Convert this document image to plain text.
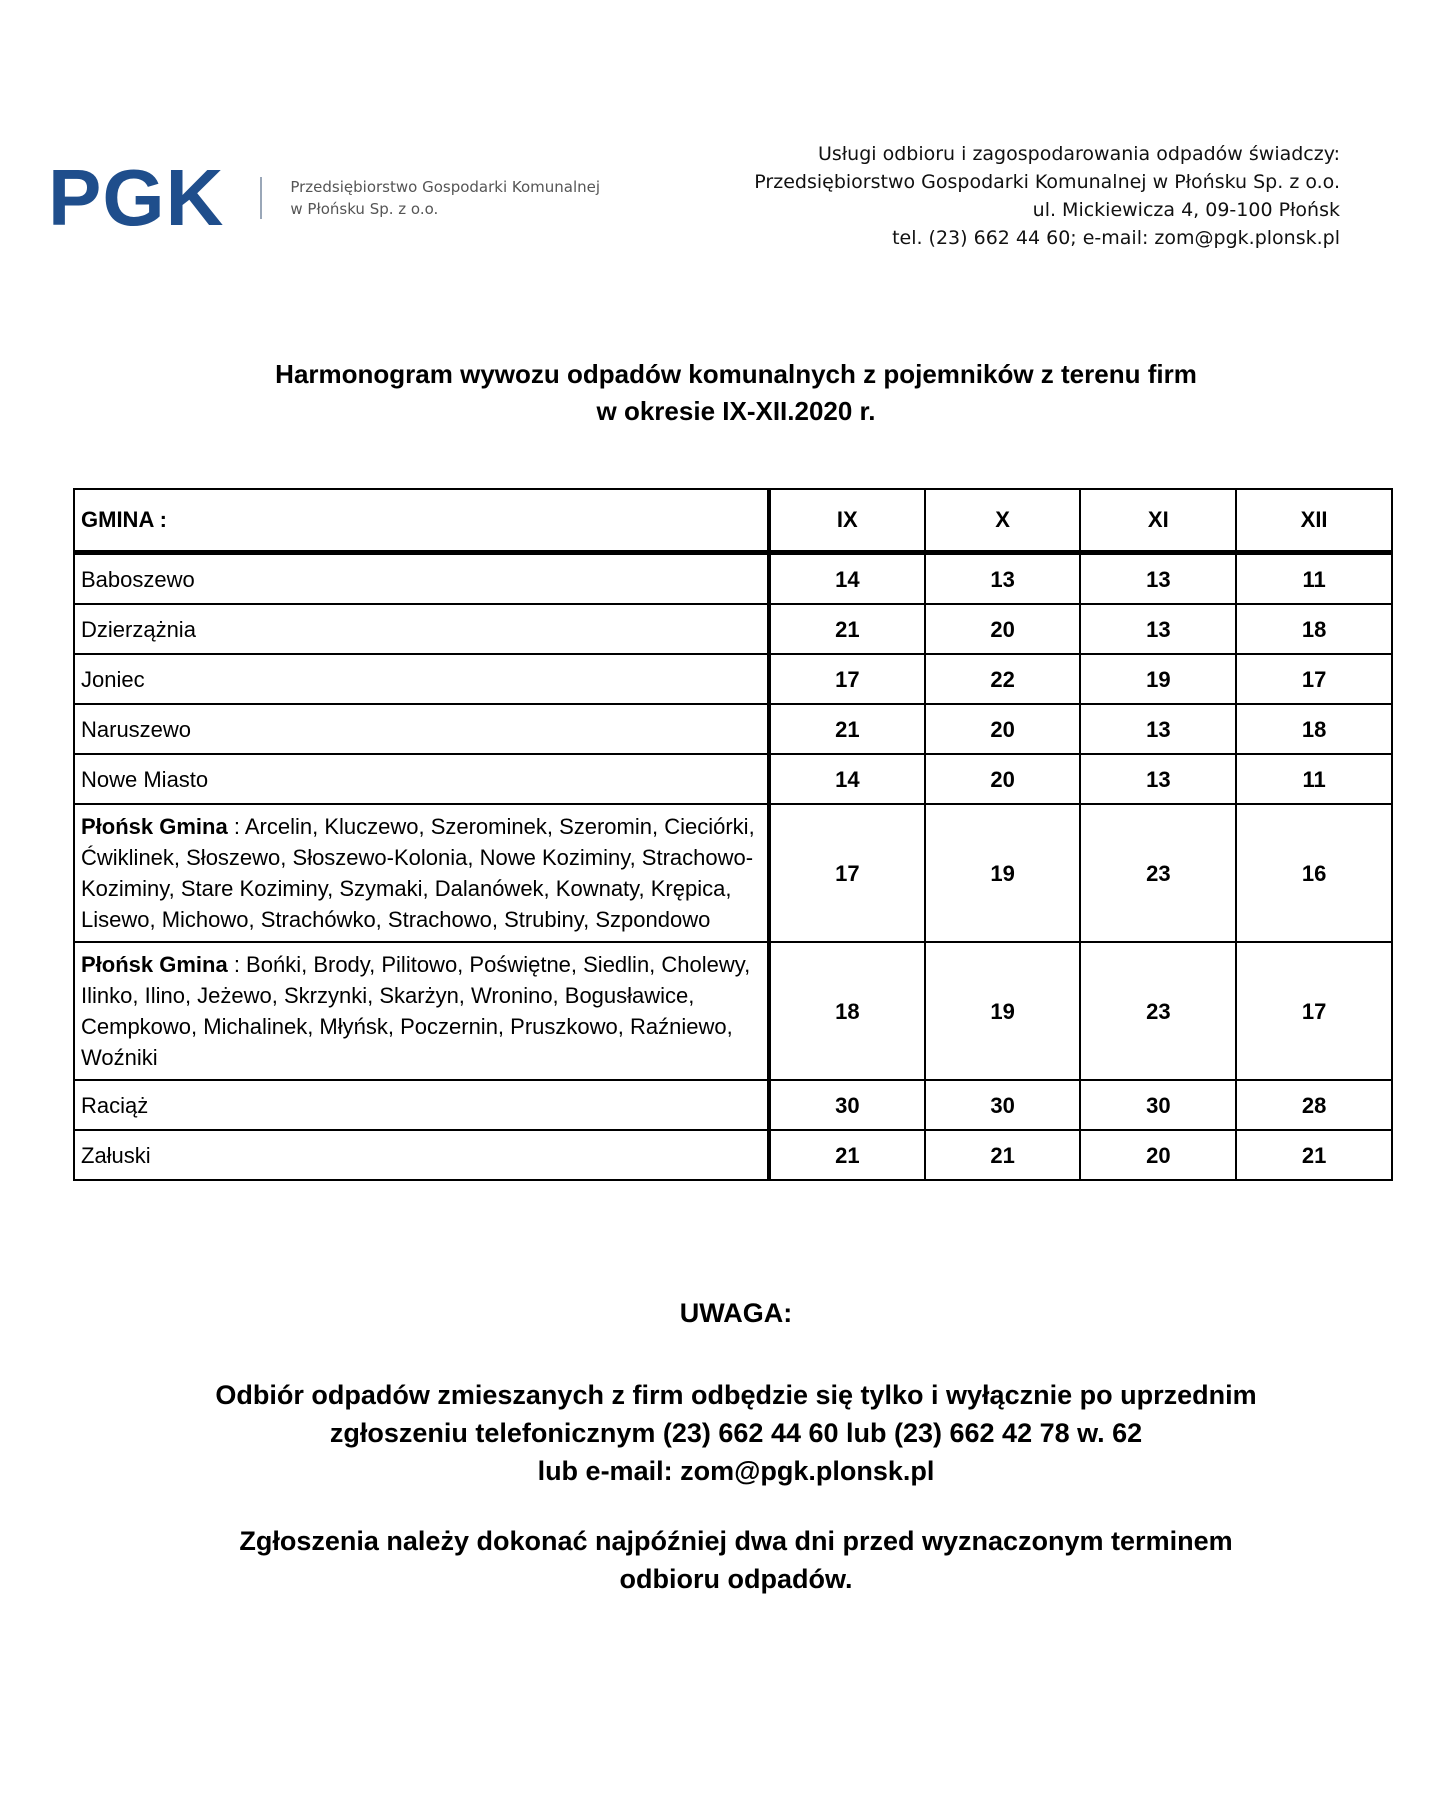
PGK	Przedsiębiorstwo Gospodarki Komunalnej
w Płońsku Sp. z o.o.
Usługi odbioru i zagospodarowania odpadów świadczy:
Przedsiębiorstwo Gospodarki Komunalnej w Płońsku Sp. z o.o.
ul. Mickiewicza 4, 09-100 Płońsk
tel. (23) 662 44 60; e-mail: zom@pgk.plonsk.pl
Harmonogram wywozu odpadów komunalnych z pojemników z terenu firm
w okresie IX-XII.2020 r.
GMINA :	IX	X	XI	XII
Baboszewo	14	13	13	11
Dzierzążnia	21	20	13	18
Joniec	17	22	19	17
Naruszewo	21	20	13	18
Nowe Miasto	14	20	13	11
Płońsk Gmina : Arcelin, Kluczewo, Szerominek, Szeromin, Cieciórki, Ćwiklinek, Słoszewo, Słoszewo-Kolonia, Nowe Koziminy, Strachowo-Koziminy, Stare Koziminy, Szymaki, Dalanówek, Kownaty, Krępica, Lisewo, Michowo, Strachówko, Strachowo, Strubiny, Szpondowo	17	19	23	16
Płońsk Gmina : Bońki, Brody, Pilitowo, Poświętne, Siedlin, Cholewy, Ilinko, Ilino, Jeżewo, Skrzynki, Skarżyn, Wronino, Bogusławice, Cempkowo, Michalinek, Młyńsk, Poczernin, Pruszkowo, Raźniewo, Woźniki	18	19	23	17
Raciąż	30	30	30	28
Załuski	21	21	20	21
UWAGA:
Odbiór odpadów zmieszanych z firm odbędzie się tylko i wyłącznie po uprzednim
zgłoszeniu telefonicznym (23) 662 44 60 lub (23) 662 42 78 w. 62
lub e-mail: zom@pgk.plonsk.pl
Zgłoszenia należy dokonać najpóźniej dwa dni przed wyznaczonym terminem
odbioru odpadów.
